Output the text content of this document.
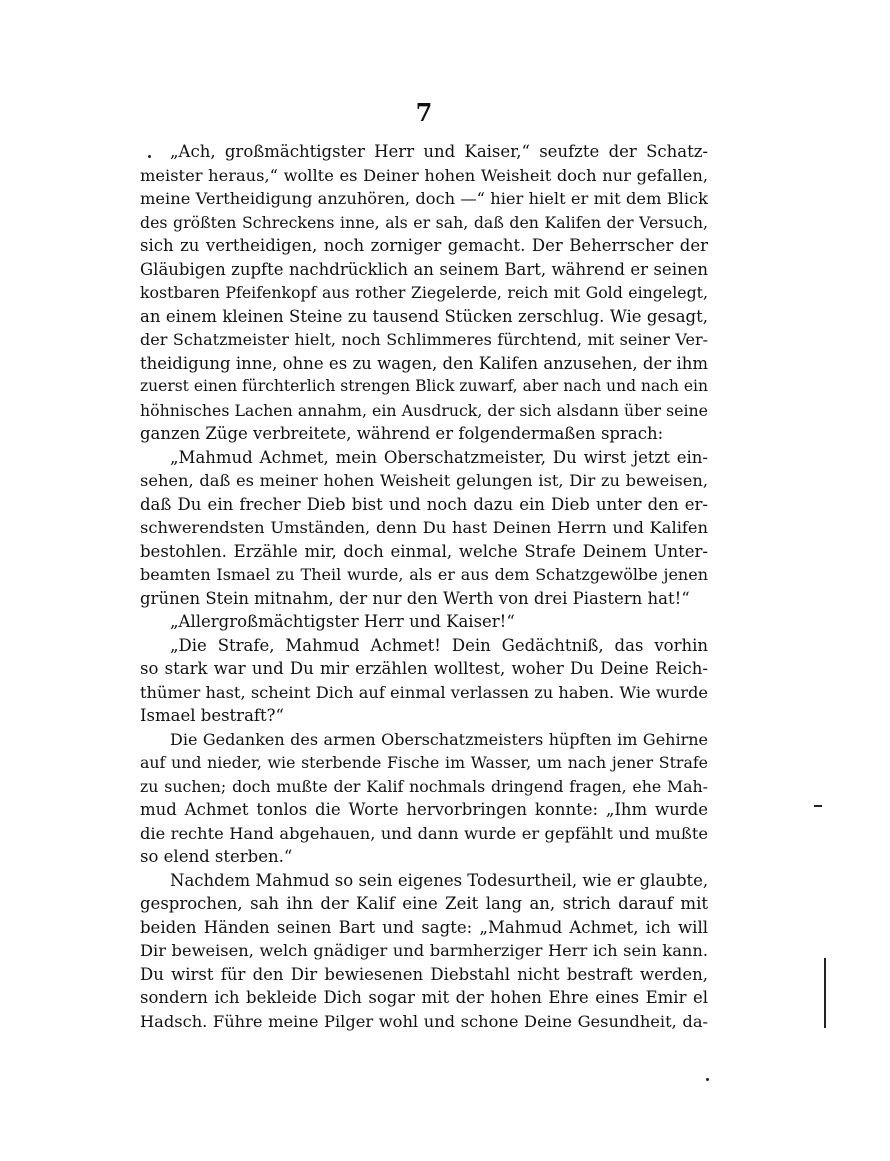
7
„Ach, großmächtigster Herr und Kaiser,“ seufzte der Schatz-
meister heraus,“ wollte es Deiner hohen Weisheit doch nur gefallen,
meine Vertheidigung anzuhören, doch —“ hier hielt er mit dem Blick
des größten Schreckens inne, als er sah, daß den Kalifen der Versuch,
sich zu vertheidigen, noch zorniger gemacht. Der Beherrscher der
Gläubigen zupfte nachdrücklich an seinem Bart, während er seinen
kostbaren Pfeifenkopf aus rother Ziegelerde, reich mit Gold eingelegt,
an einem kleinen Steine zu tausend Stücken zerschlug. Wie gesagt,
der Schatzmeister hielt, noch Schlimmeres fürchtend, mit seiner Ver-
theidigung inne, ohne es zu wagen, den Kalifen anzusehen, der ihm
zuerst einen fürchterlich strengen Blick zuwarf, aber nach und nach ein
höhnisches Lachen annahm, ein Ausdruck, der sich alsdann über seine
ganzen Züge verbreitete, während er folgendermaßen sprach:
„Mahmud Achmet, mein Oberschatzmeister, Du wirst jetzt ein-
sehen, daß es meiner hohen Weisheit gelungen ist, Dir zu beweisen,
daß Du ein frecher Dieb bist und noch dazu ein Dieb unter den er-
schwerendsten Umständen, denn Du hast Deinen Herrn und Kalifen
bestohlen. Erzähle mir, doch einmal, welche Strafe Deinem Unter-
beamten Ismael zu Theil wurde, als er aus dem Schatzgewölbe jenen
grünen Stein mitnahm, der nur den Werth von drei Piastern hat!“
„Allergroßmächtigster Herr und Kaiser!“
„Die Strafe, Mahmud Achmet! Dein Gedächtniß, das vorhin
so stark war und Du mir erzählen wolltest, woher Du Deine Reich-
thümer hast, scheint Dich auf einmal verlassen zu haben. Wie wurde
Ismael bestraft?“
Die Gedanken des armen Oberschatzmeisters hüpften im Gehirne
auf und nieder, wie sterbende Fische im Wasser, um nach jener Strafe
zu suchen; doch mußte der Kalif nochmals dringend fragen, ehe Mah-
mud Achmet tonlos die Worte hervorbringen konnte: „Ihm wurde
die rechte Hand abgehauen, und dann wurde er gepfählt und mußte
so elend sterben.“
Nachdem Mahmud so sein eigenes Todesurtheil, wie er glaubte,
gesprochen, sah ihn der Kalif eine Zeit lang an, strich darauf mit
beiden Händen seinen Bart und sagte: „Mahmud Achmet, ich will
Dir beweisen, welch gnädiger und barmherziger Herr ich sein kann.
Du wirst für den Dir bewiesenen Diebstahl nicht bestraft werden,
sondern ich bekleide Dich sogar mit der hohen Ehre eines Emir el
Hadsch. Führe meine Pilger wohl und schone Deine Gesundheit, da-
